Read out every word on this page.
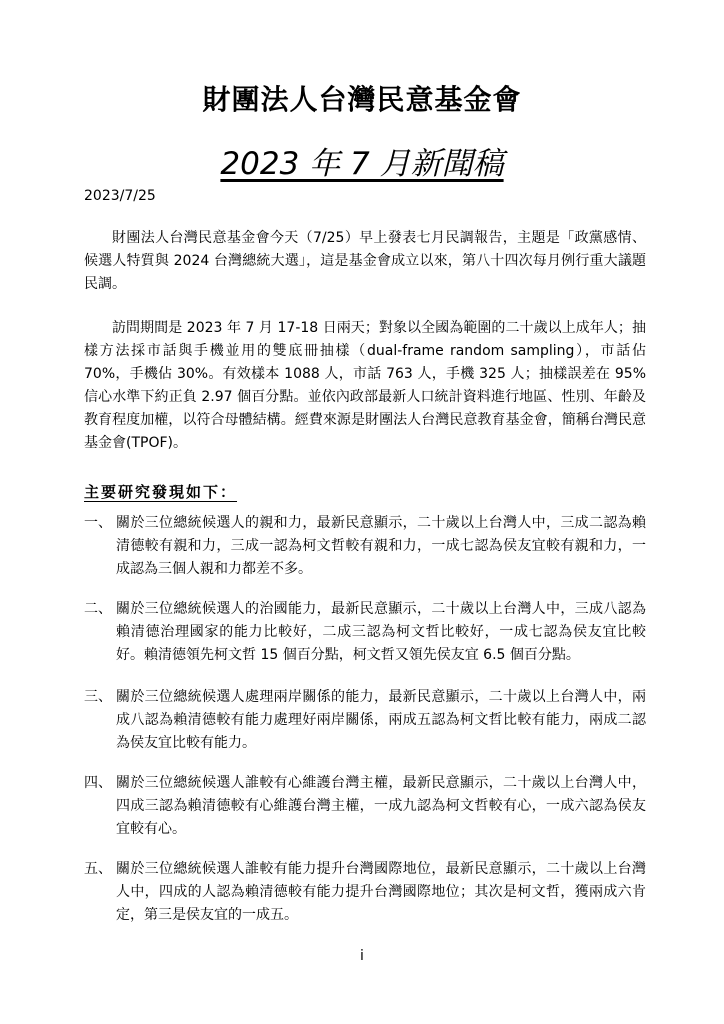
財團法人台灣民意基金會
2023 年 7 月新聞稿
2023/7/25

財團法人台灣民意基金會今天（7/25）早上發表七月民調報告，主題是「政黨感情、候選人特質與 2024 台灣總統大選」，這是基金會成立以來，第八十四次每月例行重大議題民調。

訪問期間是 2023 年 7 月 17-18 日兩天；對象以全國為範圍的二十歲以上成年人；抽樣方法採市話與手機並用的雙底冊抽樣（dual-frame random sampling），市話佔 70%，手機佔 30%。有效樣本 1088 人，市話 763 人，手機 325 人；抽樣誤差在 95%信心水準下約正負 2.97 個百分點。並依內政部最新人口統計資料進行地區、性別、年齡及教育程度加權，以符合母體結構。經費來源是財團法人台灣民意教育基金會，簡稱台灣民意基金會(TPOF)。

主要研究發現如下：
一、 關於三位總統候選人的親和力，最新民意顯示，二十歲以上台灣人中，三成二認為賴清德較有親和力，三成一認為柯文哲較有親和力，一成七認為侯友宜較有親和力，一成認為三個人親和力都差不多。
二、 關於三位總統候選人的治國能力，最新民意顯示，二十歲以上台灣人中，三成八認為賴清德治理國家的能力比較好，二成三認為柯文哲比較好，一成七認為侯友宜比較好。賴清德領先柯文哲 15 個百分點，柯文哲又領先侯友宜 6.5 個百分點。
三、 關於三位總統候選人處理兩岸關係的能力，最新民意顯示，二十歲以上台灣人中，兩成八認為賴清德較有能力處理好兩岸關係，兩成五認為柯文哲比較有能力，兩成二認為侯友宜比較有能力。
四、 關於三位總統候選人誰較有心維護台灣主權，最新民意顯示，二十歲以上台灣人中，四成三認為賴清德較有心維護台灣主權，一成九認為柯文哲較有心，一成六認為侯友宜較有心。
五、 關於三位總統候選人誰較有能力提升台灣國際地位，最新民意顯示，二十歲以上台灣人中，四成的人認為賴清德較有能力提升台灣國際地位；其次是柯文哲，獲兩成六肯定，第三是侯友宜的一成五。
i
